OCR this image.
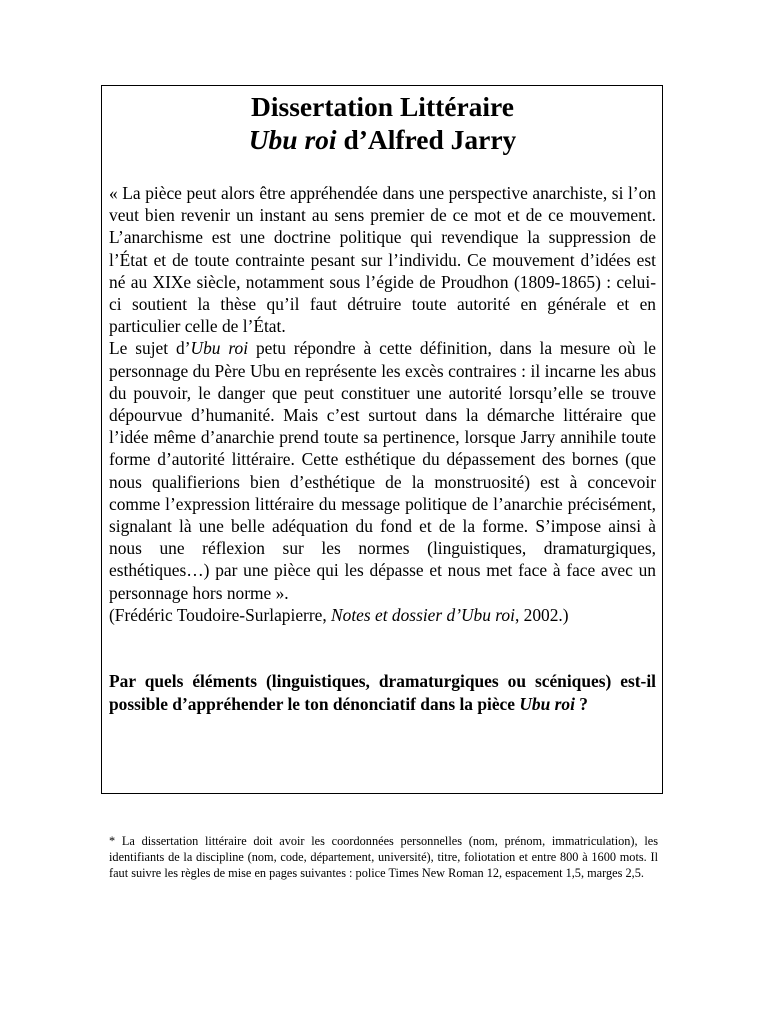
Dissertation Littéraire
Ubu roi d’Alfred Jarry

« La pièce peut alors être appréhendée dans une perspective anarchiste, si l’on veut bien revenir un instant au sens premier de ce mot et de ce mouvement. L’anarchisme est une doctrine politique qui revendique la suppression de l’État et de toute contrainte pesant sur l’individu. Ce mouvement d’idées est né au XIXe siècle, notamment sous l’égide de Proudhon (1809-1865) : celui-ci soutient la thèse qu’il faut détruire toute autorité en générale et en particulier celle de l’État.

Le sujet d’Ubu roi petu répondre à cette définition, dans la mesure où le personnage du Père Ubu en représente les excès contraires : il incarne les abus du pouvoir, le danger que peut constituer une autorité lorsqu’elle se trouve dépourvue d’humanité. Mais c’est surtout dans la démarche littéraire que l’idée même d’anarchie prend toute sa pertinence, lorsque Jarry annihile toute forme d’autorité littéraire. Cette esthétique du dépassement des bornes (que nous qualifierions bien d’esthétique de la monstruosité) est à concevoir comme l’expression littéraire du message politique de l’anarchie précisément, signalant là une belle adéquation du fond et de la forme. S’impose ainsi à nous une réflexion sur les normes (linguistiques, dramaturgiques, esthétiques…) par une pièce qui les dépasse et nous met face à face avec un personnage hors norme ».

(Frédéric Toudoire-Surlapierre, Notes et dossier d’Ubu roi, 2002.)

Par quels éléments (linguistiques, dramaturgiques ou scéniques) est-il possible d’appréhender le ton dénonciatif dans la pièce Ubu roi ?

* La dissertation littéraire doit avoir les coordonnées personnelles (nom, prénom, immatriculation), les identifiants de la discipline (nom, code, département, université), titre, foliotation et entre 800 à 1600 mots. Il faut suivre les règles de mise en pages suivantes : police Times New Roman 12, espacement 1,5, marges 2,5.
